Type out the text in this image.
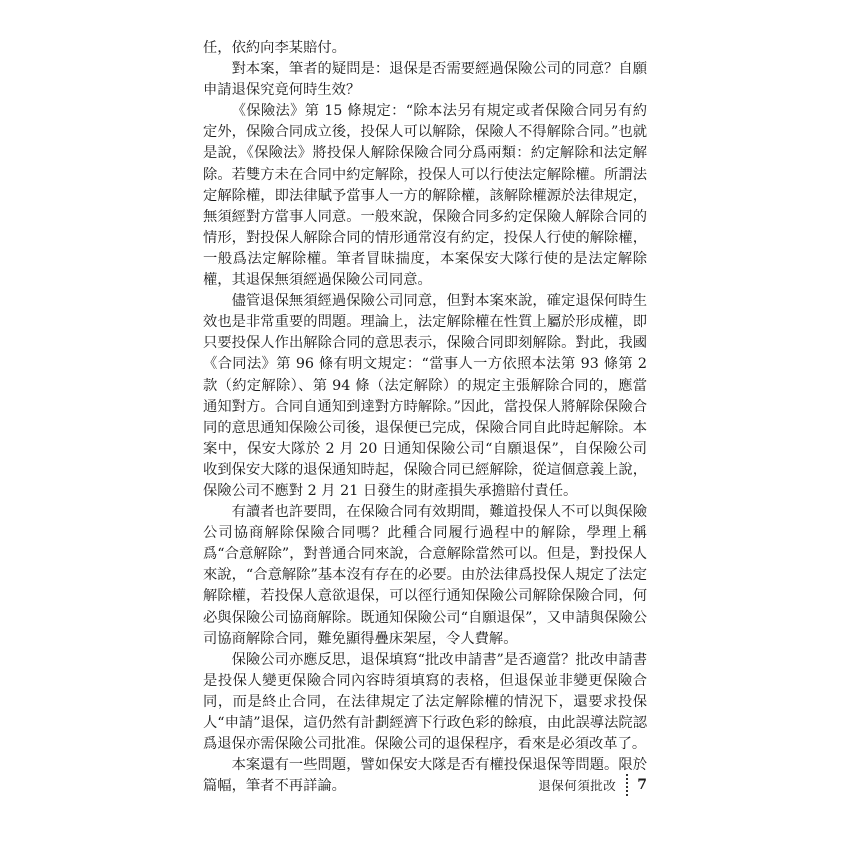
任，依約向李某賠付。

對本案，筆者的疑問是：退保是否需要經過保險公司的同意？自願申請退保究竟何時生效？

《保險法》第 15 條規定：“除本法另有規定或者保險合同另有約定外，保險合同成立後，投保人可以解除，保險人不得解除合同。”也就是說，《保險法》將投保人解除保險合同分爲兩類：約定解除和法定解除。若雙方未在合同中約定解除，投保人可以行使法定解除權。所謂法定解除權，即法律賦予當事人一方的解除權，該解除權源於法律規定，無須經對方當事人同意。一般來說，保險合同多約定保險人解除合同的情形，對投保人解除合同的情形通常沒有約定，投保人行使的解除權，一般爲法定解除權。筆者冒昧揣度，本案保安大隊行使的是法定解除權，其退保無須經過保險公司同意。

儘管退保無須經過保險公司同意，但對本案來說，確定退保何時生效也是非常重要的問題。理論上，法定解除權在性質上屬於形成權，即只要投保人作出解除合同的意思表示，保險合同即刻解除。對此，我國《合同法》第 96 條有明文規定：“當事人一方依照本法第 93 條第 2 款（約定解除）、第 94 條（法定解除）的規定主張解除合同的，應當通知對方。合同自通知到達對方時解除。”因此，當投保人將解除保險合同的意思通知保險公司後，退保便已完成，保險合同自此時起解除。本案中，保安大隊於 2 月 20 日通知保險公司“自願退保”，自保險公司收到保安大隊的退保通知時起，保險合同已經解除，從這個意義上說，保險公司不應對 2 月 21 日發生的財產損失承擔賠付責任。

有讀者也許要問，在保險合同有效期間，難道投保人不可以與保險公司協商解除保險合同嗎？此種合同履行過程中的解除，學理上稱爲“合意解除”，對普通合同來說，合意解除當然可以。但是，對投保人來說，“合意解除”基本沒有存在的必要。由於法律爲投保人規定了法定解除權，若投保人意欲退保，可以徑行通知保險公司解除保險合同，何必與保險公司協商解除。既通知保險公司“自願退保”，又申請與保險公司協商解除合同，難免顯得疊床架屋，令人費解。

保險公司亦應反思，退保填寫“批改申請書”是否適當？批改申請書是投保人變更保險合同內容時須填寫的表格，但退保並非變更保險合同，而是終止合同，在法律規定了法定解除權的情況下，還要求投保人“申請”退保，這仍然有計劃經濟下行政色彩的餘痕，由此誤導法院認爲退保亦需保險公司批准。保險公司的退保程序，看來是必須改革了。

本案還有一些問題，譬如保安大隊是否有權投保退保等問題。限於篇幅，筆者不再詳論。	退保何須批改 7
